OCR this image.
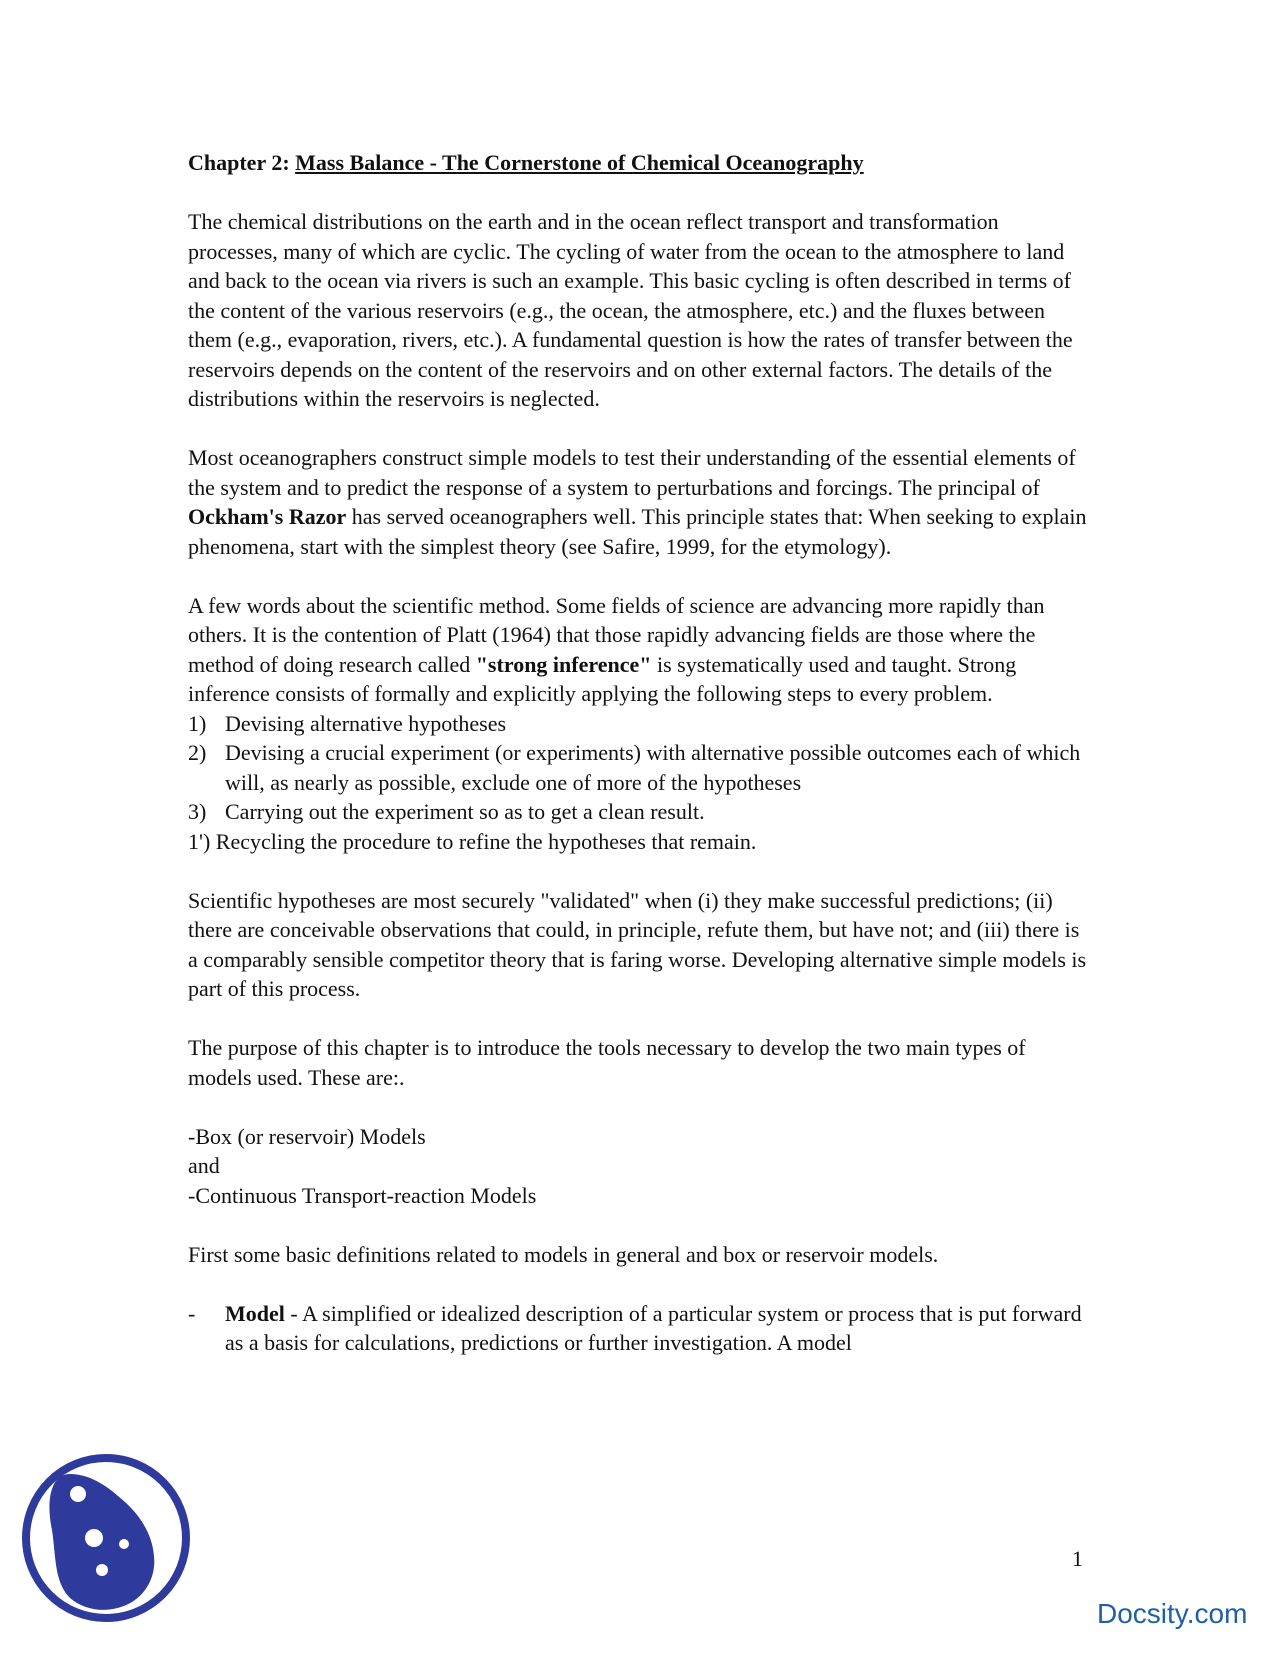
Chapter 2: Mass Balance - The Cornerstone of Chemical Oceanography

The chemical distributions on the earth and in the ocean reflect transport and transformation processes, many of which are cyclic. The cycling of water from the ocean to the atmosphere to land and back to the ocean via rivers is such an example. This basic cycling is often described in terms of the content of the various reservoirs (e.g., the ocean, the atmosphere, etc.) and the fluxes between them (e.g., evaporation, rivers, etc.). A fundamental question is how the rates of transfer between the reservoirs depends on the content of the reservoirs and on other external factors. The details of the distributions within the reservoirs is neglected.

Most oceanographers construct simple models to test their understanding of the essential elements of the system and to predict the response of a system to perturbations and forcings. The principal of Ockham's Razor has served oceanographers well. This principle states that: When seeking to explain phenomena, start with the simplest theory (see Safire, 1999, for the etymology).

A few words about the scientific method. Some fields of science are advancing more rapidly than others. It is the contention of Platt (1964) that those rapidly advancing fields are those where the method of doing research called "strong inference" is systematically used and taught. Strong inference consists of formally and explicitly applying the following steps to every problem.

1) Devising alternative hypotheses
2) Devising a crucial experiment (or experiments) with alternative possible outcomes each of which will, as nearly as possible, exclude one of more of the hypotheses
3) Carrying out the experiment so as to get a clean result.

1') Recycling the procedure to refine the hypotheses that remain.

Scientific hypotheses are most securely "validated" when (i) they make successful predictions; (ii) there are conceivable observations that could, in principle, refute them, but have not; and (iii) there is a comparably sensible competitor theory that is faring worse. Developing alternative simple models is part of this process.

The purpose of this chapter is to introduce the tools necessary to develop the two main types of models used. These are:.

-Box (or reservoir) Models

and

-Continuous Transport-reaction Models

First some basic definitions related to models in general and box or reservoir models.

- Model - A simplified or idealized description of a particular system or process that is put forward as a basis for calculations, predictions or further investigation. A model
1
Docsity.com
